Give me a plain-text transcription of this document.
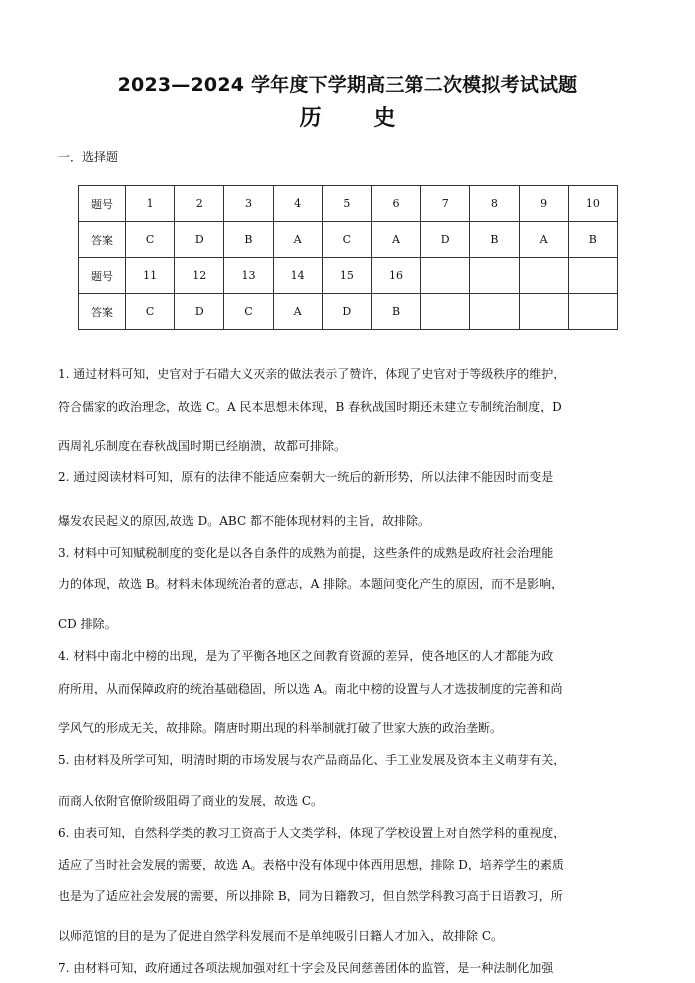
2023—2024 学年度下学期高三第二次模拟考试试题
历 史
一．选择题
题号	1	2	3	4	5	6	7	8	9	10
答案	C	D	B	A	C	A	D	B	A	B
题号	11	12	13	14	15	16				
答案	C	D	C	A	D	B				
1. 通过材料可知，史官对于石碏大义灭亲的做法表示了赞许，体现了史官对于等级秩序的维护，
符合儒家的政治理念，故选 C。A 民本思想未体现，B 春秋战国时期还未建立专制统治制度，D
西周礼乐制度在春秋战国时期已经崩溃，故都可排除。
2. 通过阅读材料可知，原有的法律不能适应秦朝大一统后的新形势，所以法律不能因时而变是
爆发农民起义的原因,故选 D。ABC 都不能体现材料的主旨，故排除。
3. 材料中可知赋税制度的变化是以各自条件的成熟为前提，这些条件的成熟是政府社会治理能
力的体现，故选 B。材料未体现统治者的意志，A 排除。本题问变化产生的原因，而不是影响，
CD 排除。
4. 材料中南北中榜的出现，是为了平衡各地区之间教育资源的差异，使各地区的人才都能为政
府所用，从而保障政府的统治基础稳固，所以选 A。南北中榜的设置与人才选拔制度的完善和尚
学风气的形成无关，故排除。隋唐时期出现的科举制就打破了世家大族的政治垄断。
5. 由材料及所学可知，明清时期的市场发展与农产品商品化、手工业发展及资本主义萌芽有关，
而商人依附官僚阶级阻碍了商业的发展，故选 C。
6. 由表可知，自然科学类的教习工资高于人文类学科，体现了学校设置上对自然学科的重视度，
适应了当时社会发展的需要，故选 A。表格中没有体现中体西用思想，排除 D，培养学生的素质
也是为了适应社会发展的需要，所以排除 B，同为日籍教习，但自然学科教习高于日语教习，所
以师范馆的目的是为了促进自然学科发展而不是单纯吸引日籍人才加入，故排除 C。
7. 由材料可知，政府通过各项法规加强对红十字会及民间慈善团体的监管，是一种法制化加强
